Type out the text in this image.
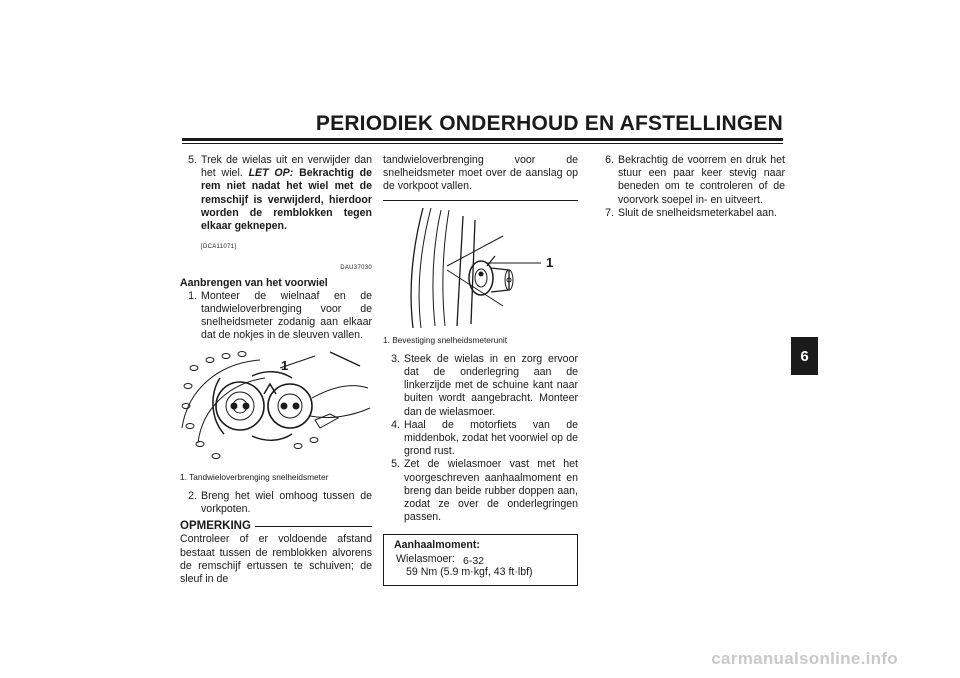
PERIODIEK ONDERHOUD EN AFSTELLINGEN
6
5. Trek de wielas uit en verwijder dan het wiel. LET OP: Bekrachtig de rem niet nadat het wiel met de remschijf is verwijderd, hierdoor worden de remblokken tegen elkaar geknepen.
[DCA11071]
DAU37030
Aanbrengen van het voorwiel
1. Monteer de wielnaaf en de tandwieloverbrenging voor de snelheidsmeter zodanig aan elkaar dat de nokjes in de sleuven vallen.
1
1. Tandwieloverbrenging snelheidsmeter
2. Breng het wiel omhoog tussen de vorkpoten.
OPMERKING
Controleer of er voldoende afstand bestaat tussen de remblokken alvorens de remschijf ertussen te schuiven; de sleuf in de
tandwieloverbrenging voor de snelheidsmeter moet over de aanslag op de vorkpoot vallen.
1
1. Bevestiging snelheidsmeterunit
3. Steek de wielas in en zorg ervoor dat de onderlegring aan de linkerzijde met de schuine kant naar buiten wordt aangebracht. Monteer dan de wielasmoer.
4. Haal de motorfiets van de middenbok, zodat het voorwiel op de grond rust.
5. Zet de wielasmoer vast met het voorgeschreven aanhaalmoment en breng dan beide rubber doppen aan, zodat ze over de onderlegringen passen.
Aanhaalmoment:
Wielasmoer:
59 Nm (5.9 m·kgf, 43 ft·lbf)
6. Bekrachtig de voorrem en druk het stuur een paar keer stevig naar beneden om te controleren of de voorvork soepel in- en uitveert.
7. Sluit de snelheidsmeterkabel aan.
6-32
carmanualsonline.info
